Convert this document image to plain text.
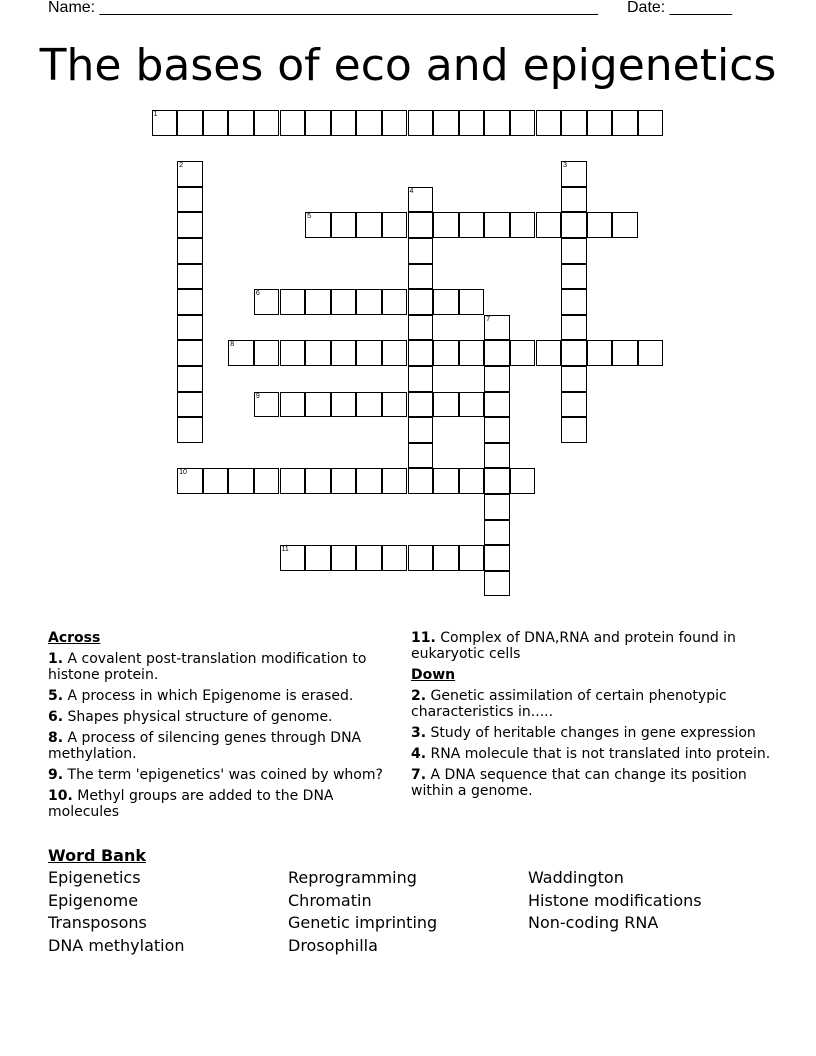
Name: ________________________________________________________ Date: _______
The bases of eco and epigenetics
1
2	3
4
5
6
7
8
9
10
11
Across
1. A covalent post-translation modification to histone protein.
5. A process in which Epigenome is erased.
6. Shapes physical structure of genome.
8. A process of silencing genes through DNA methylation.
9. The term 'epigenetics' was coined by whom?
10. Methyl groups are added to the DNA molecules
11. Complex of DNA,RNA and protein found in eukaryotic cells
Down
2. Genetic assimilation of certain phenotypic characteristics in.....
3. Study of heritable changes in gene expression
4. RNA molecule that is not translated into protein.
7. A DNA sequence that can change its position within a genome.
Word Bank
Epigenetics
Epigenome
Transposons
DNA methylation
Reprogramming
Chromatin
Genetic imprinting
Drosophilla
Waddington
Histone modifications
Non-coding RNA
